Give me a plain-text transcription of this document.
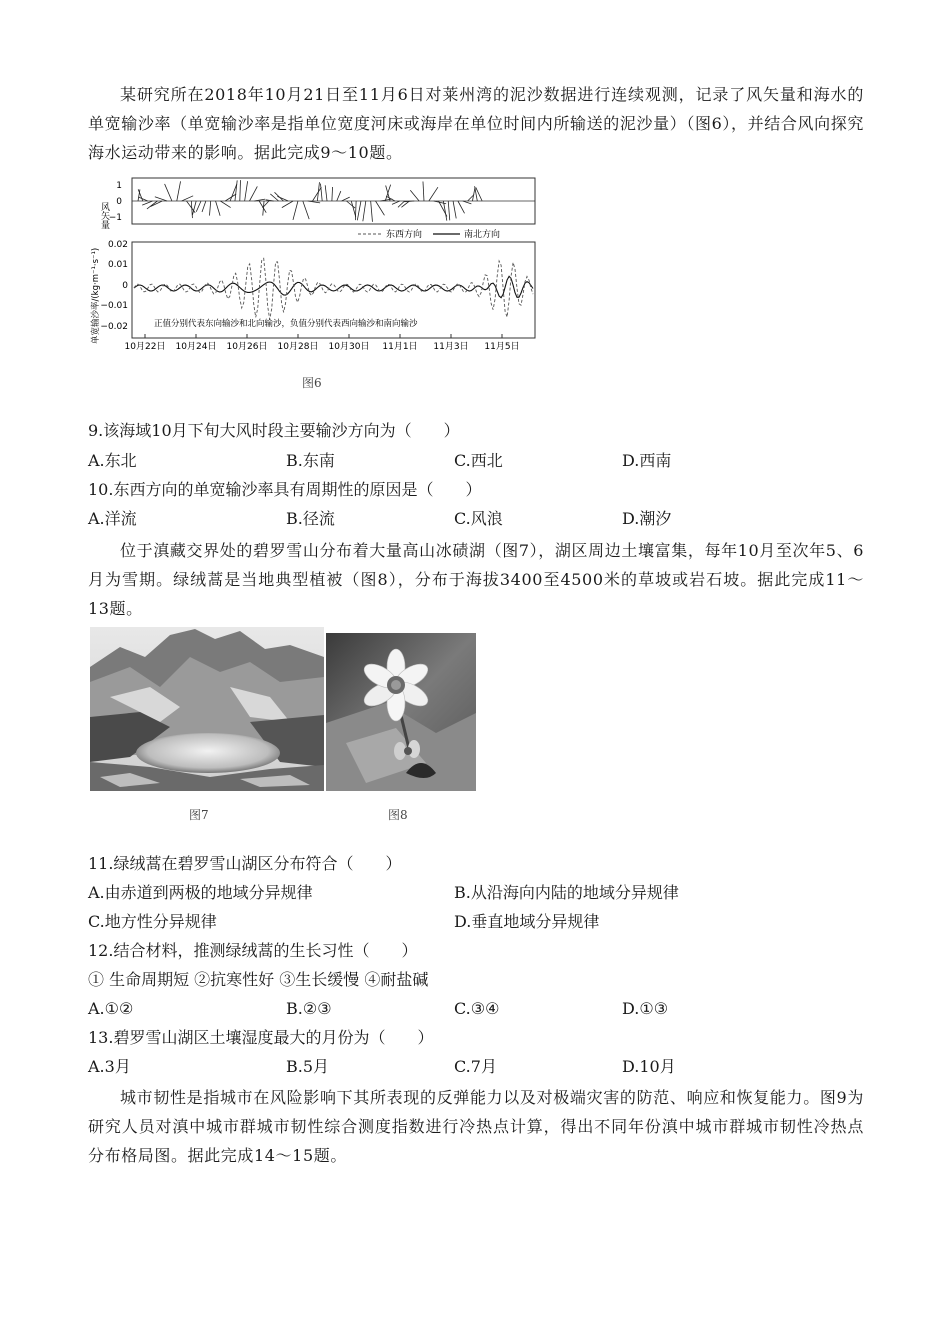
某研究所在2018年10月21日至11月6日对莱州湾的泥沙数据进行连续观测，记录了风矢量和海水的单宽输沙率（单宽输沙率是指单位宽度河床或海岸在单位时间内所输送的泥沙量）（图6），并结合风向探究海水运动带来的影响。据此完成9～10题。
风矢量
1
0
−1
东西方向	南北方向
0.02
0.01
0
−0.01
−0.02
单宽输沙率/(kg·m⁻¹·s⁻¹)	正值分别代表东向输沙和北向输沙，负值分别代表西向输沙和南向输沙
10月22日 10月24日 10月26日 10月28日 10月30日 11月1日 11月3日 11月5日
图6
9.该海域10月下旬大风时段主要输沙方向为（　　）
A.东北	B.东南	C.西北	D.西南
10.东西方向的单宽输沙率具有周期性的原因是（　　）
A.洋流	B.径流	C.风浪	D.潮汐
位于滇藏交界处的碧罗雪山分布着大量高山冰碛湖（图7），湖区周边土壤富集，每年10月至次年5、6月为雪期。绿绒蒿是当地典型植被（图8），分布于海拔3400至4500米的草坡或岩石坡。据此完成11～13题。
图7	图8
11.绿绒蒿在碧罗雪山湖区分布符合（　　）
A.由赤道到两极的地域分异规律	B.从沿海向内陆的地域分异规律
C.地方性分异规律	D.垂直地域分异规律
12.结合材料，推测绿绒蒿的生长习性（　　）
① 生命周期短 ②抗寒性好 ③生长缓慢 ④耐盐碱
A.①②	B.②③	C.③④	D.①③
13.碧罗雪山湖区土壤湿度最大的月份为（　　）
A.3月	B.5月	C.7月	D.10月
城市韧性是指城市在风险影响下其所表现的反弹能力以及对极端灾害的防范、响应和恢复能力。图9为研究人员对滇中城市群城市韧性综合测度指数进行冷热点计算，得出不同年份滇中城市群城市韧性冷热点分布格局图。据此完成14～15题。
